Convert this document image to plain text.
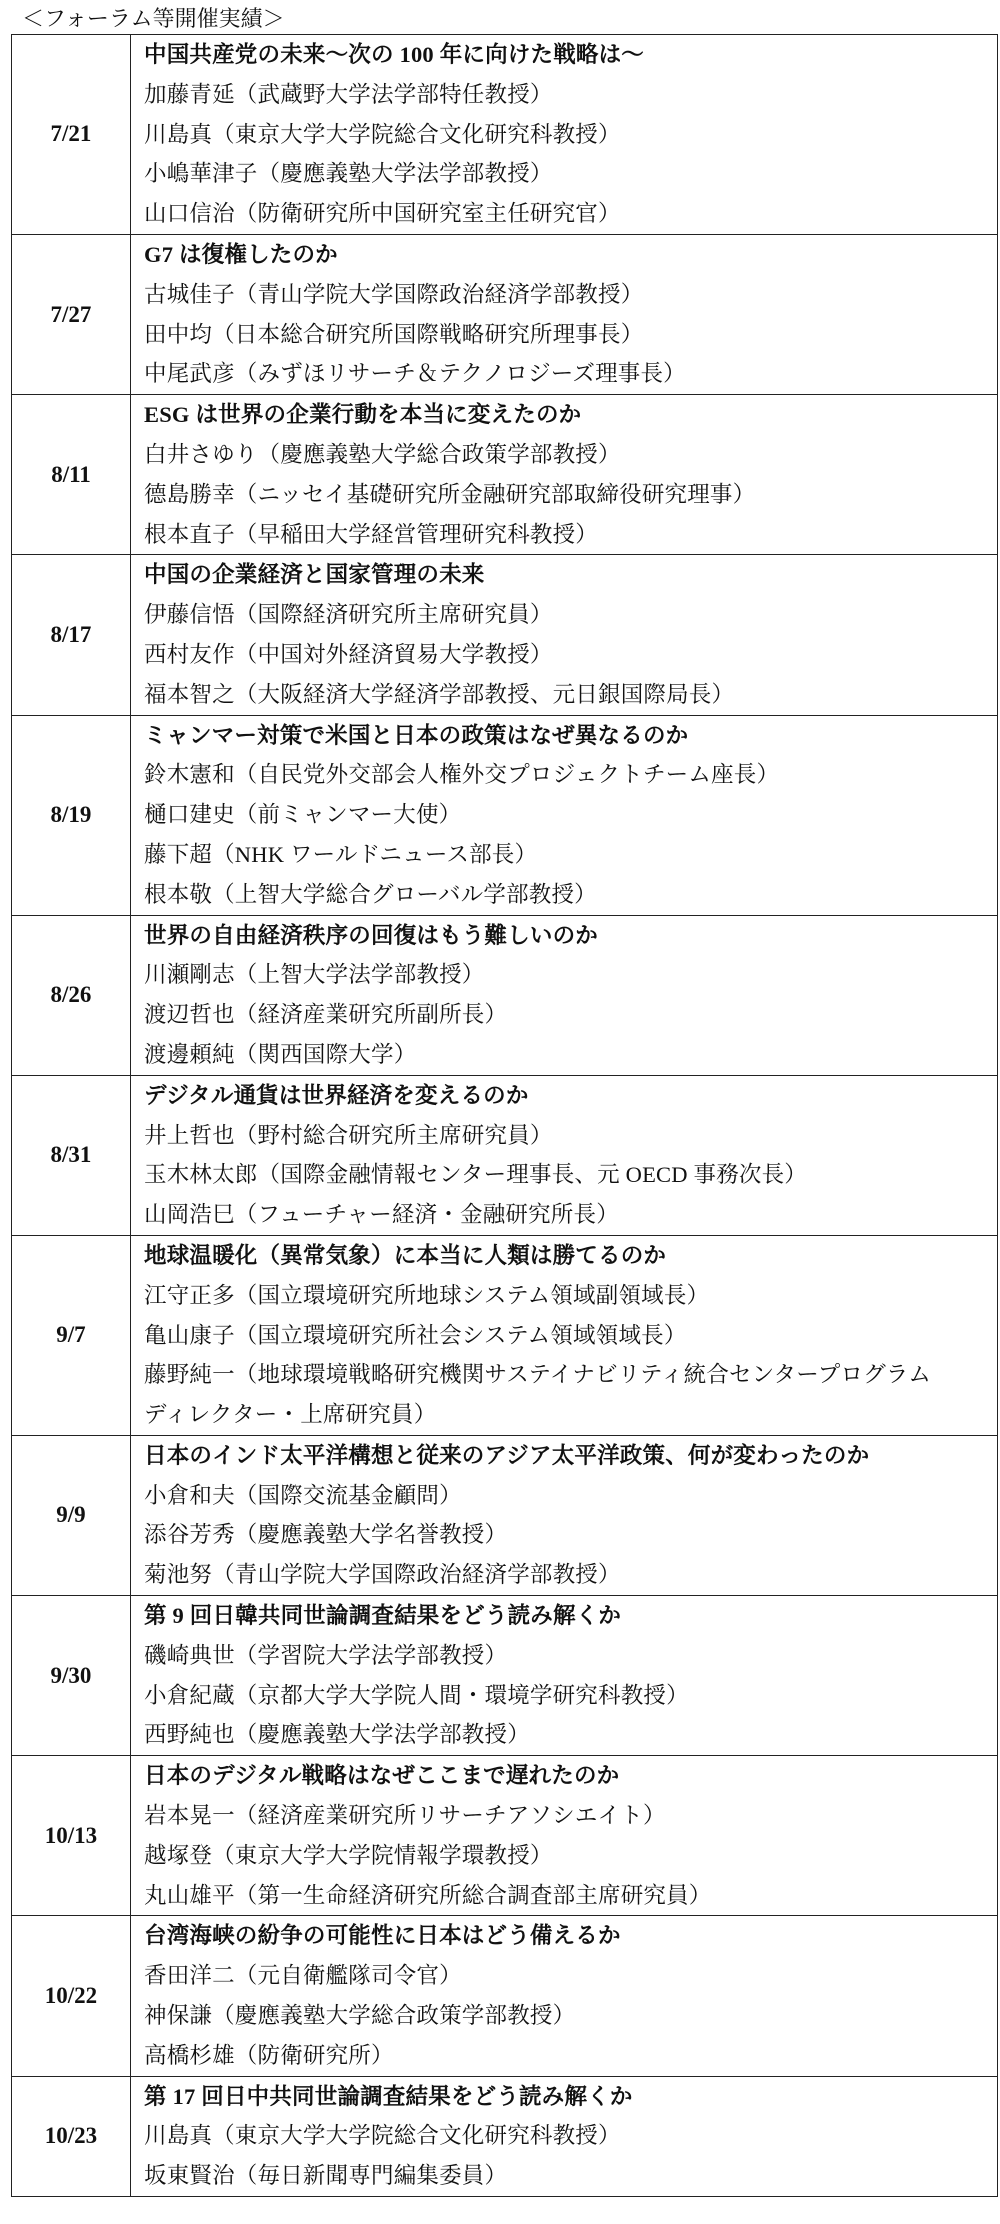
＜フォーラム等開催実績＞
7/21	中国共産党の未来〜次の 100 年に向けた戦略は〜
加藤青延（武蔵野大学法学部特任教授）
川島真（東京大学大学院総合文化研究科教授）
小嶋華津子（慶應義塾大学法学部教授）
山口信治（防衛研究所中国研究室主任研究官）

7/27	G7 は復権したのか
古城佳子（青山学院大学国際政治経済学部教授）
田中均（日本総合研究所国際戦略研究所理事長）
中尾武彦（みずほリサーチ＆テクノロジーズ理事長）

8/11	ESG は世界の企業行動を本当に変えたのか
白井さゆり（慶應義塾大学総合政策学部教授）
德島勝幸（ニッセイ基礎研究所金融研究部取締役研究理事）
根本直子（早稲田大学経営管理研究科教授）

8/17	中国の企業経済と国家管理の未来
伊藤信悟（国際経済研究所主席研究員）
西村友作（中国対外経済貿易大学教授）
福本智之（大阪経済大学経済学部教授、元日銀国際局長）

8/19	ミャンマー対策で米国と日本の政策はなぜ異なるのか
鈴木憲和（自民党外交部会人権外交プロジェクトチーム座長）
樋口建史（前ミャンマー大使）
藤下超（NHK ワールドニュース部長）
根本敬（上智大学総合グローバル学部教授）

8/26	世界の自由経済秩序の回復はもう難しいのか
川瀬剛志（上智大学法学部教授）
渡辺哲也（経済産業研究所副所長）
渡邊頼純（関西国際大学）

8/31	デジタル通貨は世界経済を変えるのか
井上哲也（野村総合研究所主席研究員）
玉木林太郎（国際金融情報センター理事長、元 OECD 事務次長）
山岡浩巳（フューチャー経済・金融研究所長）

9/7	地球温暖化（異常気象）に本当に人類は勝てるのか
江守正多（国立環境研究所地球システム領域副領域長）
亀山康子（国立環境研究所社会システム領域領域長）
藤野純一（地球環境戦略研究機関サステイナビリティ統合センタープログラム
ディレクター・上席研究員）

9/9	日本のインド太平洋構想と従来のアジア太平洋政策、何が変わったのか
小倉和夫（国際交流基金顧問）
添谷芳秀（慶應義塾大学名誉教授）
菊池努（青山学院大学国際政治経済学部教授）

9/30	第 9 回日韓共同世論調査結果をどう読み解くか
磯崎典世（学習院大学法学部教授）
小倉紀蔵（京都大学大学院人間・環境学研究科教授）
西野純也（慶應義塾大学法学部教授）

10/13	日本のデジタル戦略はなぜここまで遅れたのか
岩本晃一（経済産業研究所リサーチアソシエイト）
越塚登（東京大学大学院情報学環教授）
丸山雄平（第一生命経済研究所総合調査部主席研究員）

10/22	台湾海峡の紛争の可能性に日本はどう備えるか
香田洋二（元自衛艦隊司令官）
神保謙（慶應義塾大学総合政策学部教授）
高橋杉雄（防衛研究所）

10/23	第 17 回日中共同世論調査結果をどう読み解くか
川島真（東京大学大学院総合文化研究科教授）
坂東賢治（毎日新聞専門編集委員）
